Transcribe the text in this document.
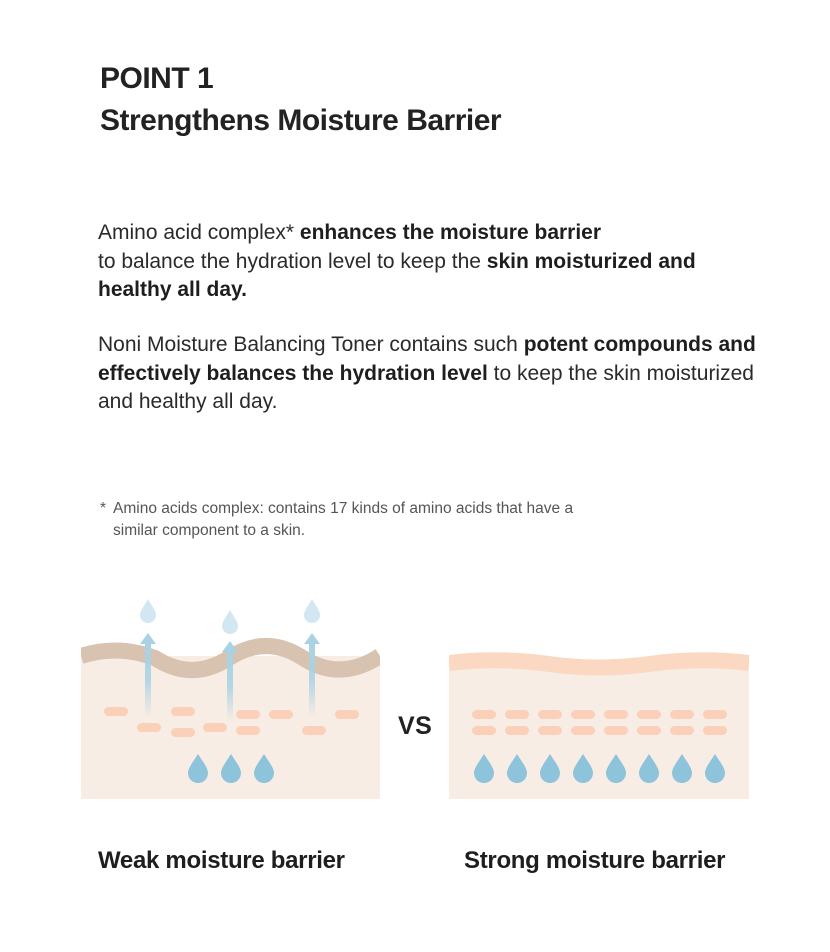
POINT 1
Strengthens Moisture Barrier

Amino acid complex* enhances the moisture barrier
to balance the hydration level to keep the skin moisturized and healthy all day.

Noni Moisture Balancing Toner contains such potent compounds and effectively balances the hydration level to keep the skin moisturized and healthy all day.

* Amino acids complex: contains 17 kinds of amino acids that have a
similar component to a skin.

VS

Weak moisture barrier	Strong moisture barrier
